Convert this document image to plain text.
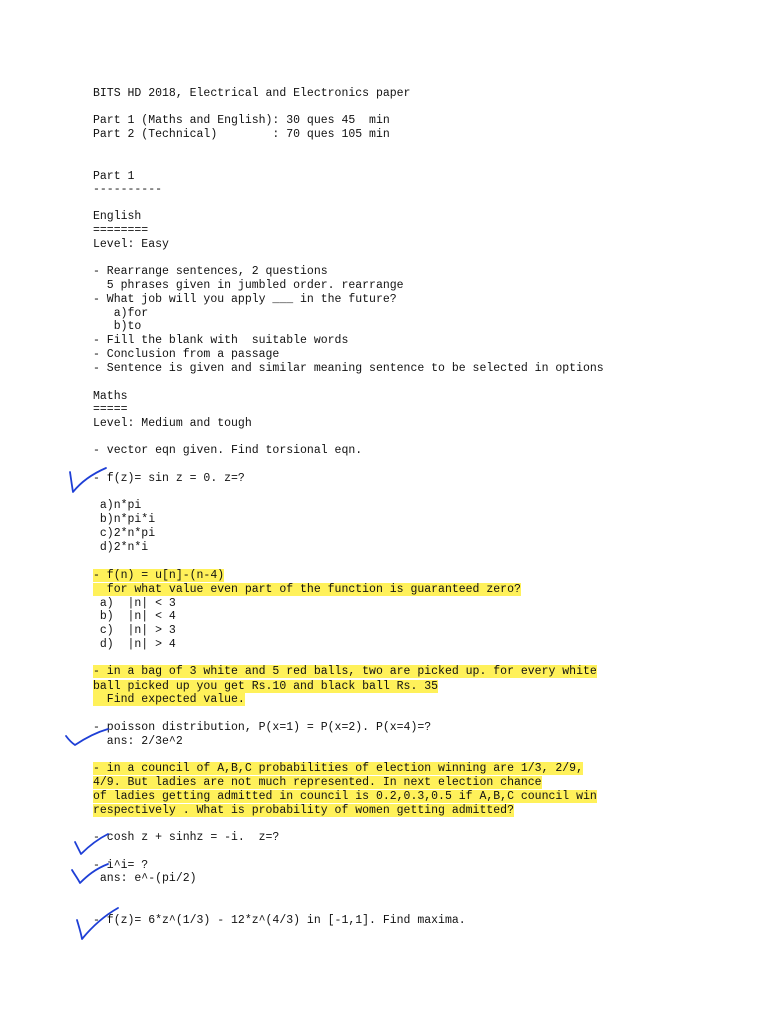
BITS HD 2018, Electrical and Electronics paper
Part 1 (Maths and English): 30 ques 45  min
Part 2 (Technical)        : 70 ques 105 min
Part 1
----------
English
========
Level: Easy
- Rearrange sentences, 2 questions
5 phrases given in jumbled order. rearrange
- What job will you apply ___ in the future?
a)for
b)to
- Fill the blank with  suitable words
- Conclusion from a passage
- Sentence is given and similar meaning sentence to be selected in options
Maths
=====
Level: Medium and tough
- vector eqn given. Find torsional eqn.
- f(z)= sin z = 0. z=?
a)n*pi
b)n*pi*i
c)2*n*pi
d)2*n*i
- f(n) = u[n]-(n-4)
for what value even part of the function is guaranteed zero?
a)  |n| < 3
b)  |n| < 4
c)  |n| > 3
d)  |n| > 4
- in a bag of 3 white and 5 red balls, two are picked up. for every white
ball picked up you get Rs.10 and black ball Rs. 35
Find expected value.
- poisson distribution, P(x=1) = P(x=2). P(x=4)=?
ans: 2/3e^2
- in a council of A,B,C probabilities of election winning are 1/3, 2/9,
4/9. But ladies are not much represented. In next election chance
of ladies getting admitted in council is 0.2,0.3,0.5 if A,B,C council win
respectively . What is probability of women getting admitted?
- cosh z + sinhz = -i.  z=?
- i^i= ?
ans: e^-(pi/2)
- f(z)= 6*z^(1/3) - 12*z^(4/3) in [-1,1]. Find maxima.
